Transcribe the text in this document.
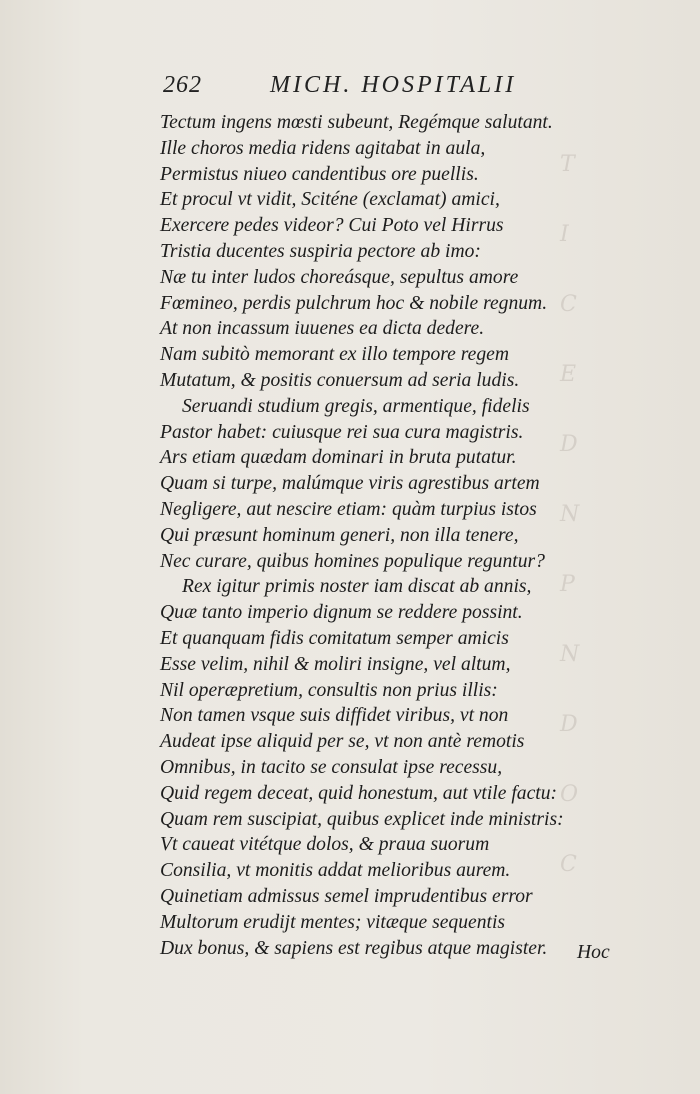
T
I
C
E
D
N
P
N
D
O
C
262	MICH. HOSPITALII
Tectum ingens mœsti subeunt, Regémque salutant.
Ille choros media ridens agitabat in aula,
Permistus niueo candentibus ore puellis.
Et procul vt vidit, Sciténe (exclamat) amici,
Exercere pedes videor? Cui Poto vel Hirrus
Tristia ducentes suspiria pectore ab imo:
Næ tu inter ludos choreásque, sepultus amore
Fœmineo, perdis pulchrum hoc & nobile regnum.
At non incassum iuuenes ea dicta dedere.
Nam subitò memorant ex illo tempore regem
Mutatum, & positis conuersum ad seria ludis.
Seruandi studium gregis, armentique, fidelis
Pastor habet: cuiusque rei sua cura magistris.
Ars etiam quædam dominari in bruta putatur.
Quam si turpe, malúmque viris agrestibus artem
Negligere, aut nescire etiam: quàm turpius istos
Qui præsunt hominum generi, non illa tenere,
Nec curare, quibus homines populique reguntur?
Rex igitur primis noster iam discat ab annis,
Quæ tanto imperio dignum se reddere possint.
Et quanquam fidis comitatum semper amicis
Esse velim, nihil & moliri insigne, vel altum,
Nil operæpretium, consultis non prius illis:
Non tamen vsque suis diffidet viribus, vt non
Audeat ipse aliquid per se, vt non antè remotis
Omnibus, in tacito se consulat ipse recessu,
Quid regem deceat, quid honestum, aut vtile factu:
Quam rem suscipiat, quibus explicet inde ministris:
Vt caueat vitétque dolos, & praua suorum
Consilia, vt monitis addat melioribus aurem.
Quinetiam admissus semel imprudentibus error
Multorum erudijt mentes; vitæque sequentis
Dux bonus, & sapiens est regibus atque magister.	Hoc
